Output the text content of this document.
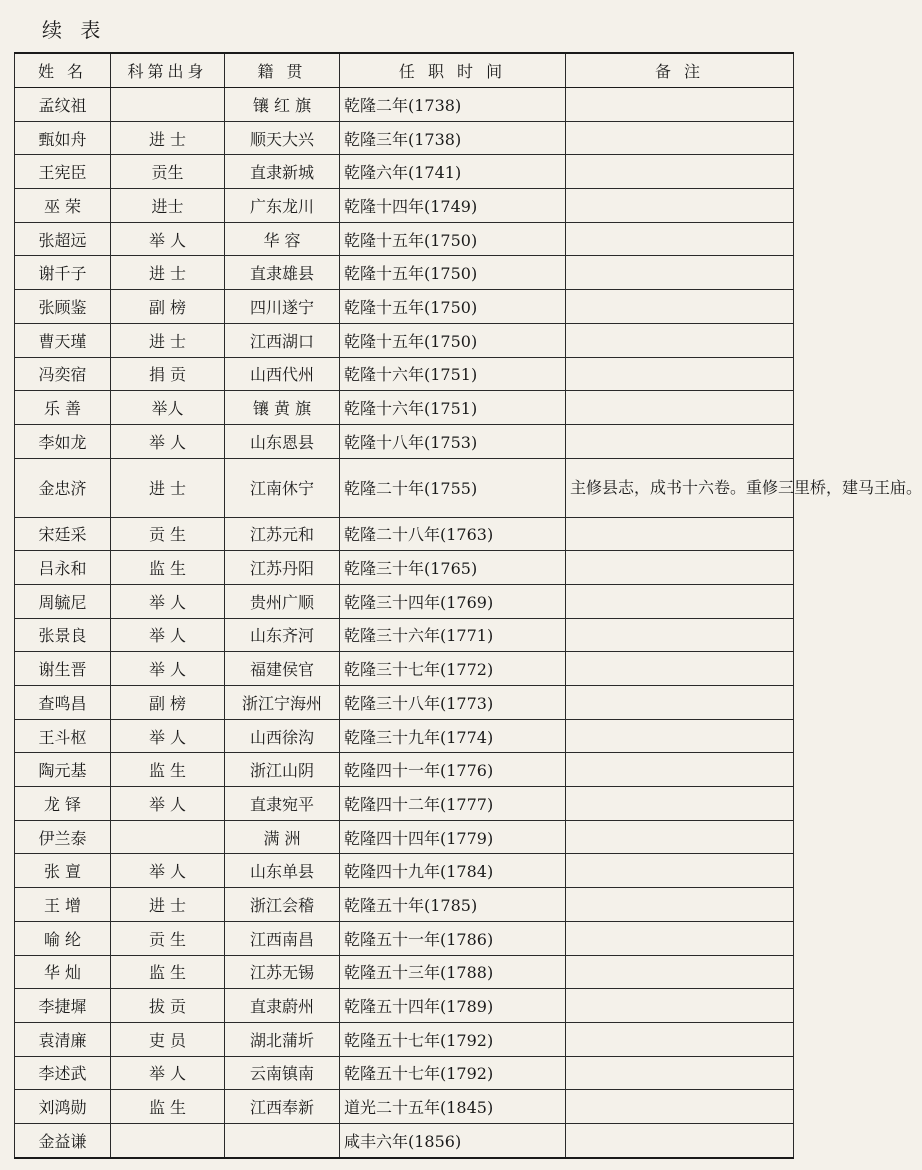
续 表
姓 名	科第出身	籍 贯	任 职 时 间	备 注
孟纹祖		镶 红 旗	乾隆二年(1738)	
甄如舟	进 士	顺天大兴	乾隆三年(1738)	
王宪臣	贡生	直隶新城	乾隆六年(1741)	
巫 荣	进士	广东龙川	乾隆十四年(1749)	
张超远	举 人	华 容	乾隆十五年(1750)	
谢千子	进 士	直隶雄县	乾隆十五年(1750)	
张顾鉴	副 榜	四川遂宁	乾隆十五年(1750)	
曹天瑾	进 士	江西湖口	乾隆十五年(1750)	
冯奕宿	捐 贡	山西代州	乾隆十六年(1751)	
乐 善	举人	镶 黄 旗	乾隆十六年(1751)	
李如龙	举 人	山东恩县	乾隆十八年(1753)	
金忠济	进 士	江南休宁	乾隆二十年(1755)	主修县志，成书十六卷。重修三里桥，建马王庙。
宋廷采	贡 生	江苏元和	乾隆二十八年(1763)	
吕永和	监 生	江苏丹阳	乾隆三十年(1765)	
周毓尼	举 人	贵州广顺	乾隆三十四年(1769)	
张景良	举 人	山东齐河	乾隆三十六年(1771)	
谢生晋	举 人	福建侯官	乾隆三十七年(1772)	
查鸣昌	副 榜	浙江宁海州	乾隆三十八年(1773)	
王斗枢	举 人	山西徐沟	乾隆三十九年(1774)	
陶元基	监 生	浙江山阴	乾隆四十一年(1776)	
龙 铎	举 人	直隶宛平	乾隆四十二年(1777)	
伊兰泰		满 洲	乾隆四十四年(1779)	
张 亶	举 人	山东单县	乾隆四十九年(1784)	
王 增	进 士	浙江会稽	乾隆五十年(1785)	
喻 纶	贡 生	江西南昌	乾隆五十一年(1786)	
华 灿	监 生	江苏无锡	乾隆五十三年(1788)	
李捷墀	拔 贡	直隶蔚州	乾隆五十四年(1789)	
袁清廉	吏 员	湖北蒲圻	乾隆五十七年(1792)	
李述武	举 人	云南镇南	乾隆五十七年(1792)	
刘鸿勋	监 生	江西奉新	道光二十五年(1845)	
金益谦			咸丰六年(1856)	
